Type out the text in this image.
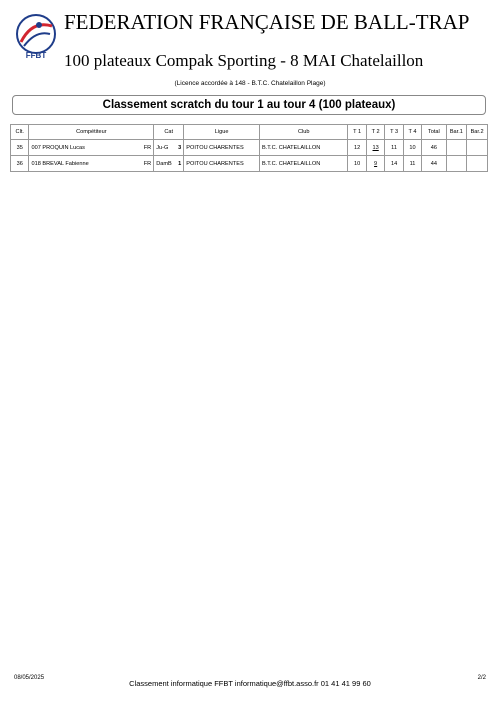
FFBT
FEDERATION FRANÇAISE DE BALL-TRAP
100 plateaux Compak Sporting - 8 MAI Chatelaillon
(Licence accordée à 148 - B.T.C. Chatelaillon Plage)
Classement scratch du tour 1 au tour 4 (100 plateaux)
Clt.	Compétiteur	Cat	Ligue	Club	T 1	T 2	T 3	T 4	Total	Bar.1	Bar.2
35	007 PROQUIN Lucas FR	Ju-G 3	POITOU CHARENTES	B.T.C. CHATELAILLON	12	13	11	10	46		
36	018 BREVAL Fabienne FR	DamB 1	POITOU CHARENTES	B.T.C. CHATELAILLON	10	9	14	11	44		
08/05/2025
Classement informatique FFBT informatique@ffbt.asso.fr 01 41 41 99 60
2/2
